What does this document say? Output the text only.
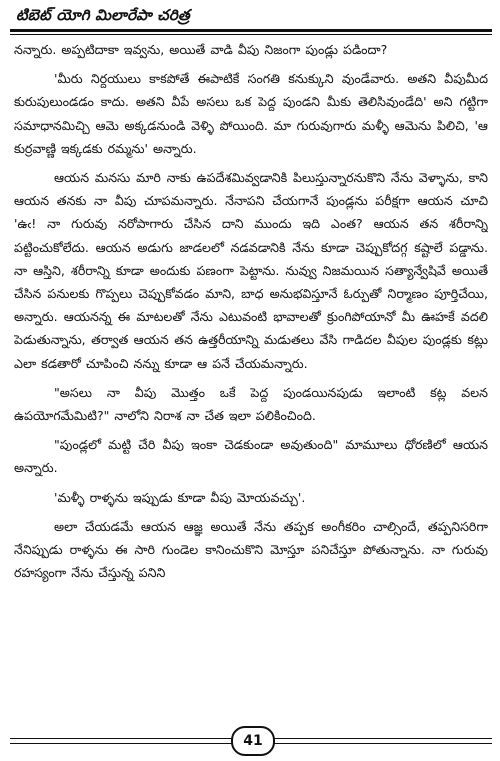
టిబెట్ యోగి మిలారేపా చరిత్ర

నన్నారు. అప్పటిదాకా ఇవ్వను, అయితే వాడి వీపు నిజంగా పుండ్లు పడిందా?

'మీరు నిర్దయులు కాకపోతే ఈపాటికే సంగతి కనుక్కుని వుండేవారు. అతని వీపుమీద కురుపులుండడం కాదు. అతని వీపే అసలు ఒక పెద్ద పుండని మీకు తెలిసివుండేది' అని గట్టిగా సమాధానమిచ్చి ఆమె అక్కడనుండి వెళ్ళి పోయింది. మా గురువుగారు మళ్ళీ ఆమెను పిలిచి, 'ఆ కుర్రవాణ్ణి ఇక్కడకు రమ్మను' అన్నారు.

ఆయన మనసు మారి నాకు ఉపదేశమివ్వడానికి పిలుస్తున్నారనుకొని నేను వెళ్ళాను, కాని ఆయన తనకు నా వీపు చూపమన్నారు. నేనాపని చేయగానే పుండ్లను పరీక్షగా ఆయన చూచి 'ఉఁ! నా గురువు నరోపాగారు చేసిన దాని ముందు ఇది ఎంత? ఆయన తన శరీరాన్ని పట్టించుకోలేదు. ఆయన అడుగు జాడలలో నడవడానికి నేను కూడా చెప్పుకోదగ్గ కష్టాలే పడ్డాను. నా ఆస్తిని, శరీరాన్ని కూడా అందుకు పణంగా పెట్టాను. నువ్వు నిజమయిన సత్యాన్వేషివే అయితే చేసిన పనులకు గొప్పలు చెప్పుకోవడం మాని, బాధ అనుభవిస్తూనే ఓర్పుతో నిర్మాణం పూర్తిచేయి, అన్నారు. ఆయనన్న ఈ మాటలతో నేను ఎటువంటి భావాలతో క్రుంగిపోయానో మీ ఊహకే వదలి పెడుతున్నాను, తర్వాత ఆయన తన ఉత్తరీయాన్ని మడుతలు వేసి గాడిదల వీపుల పుండ్లకు కట్లు ఎలా కడతారో చూపించి నన్ను కూడా ఆ పనే చేయమన్నారు.

"అసలు నా వీపు మొత్తం ఒకే పెద్ద పుండయినపుడు ఇలాంటి కట్ల వలన ఉపయోగమేమిటి?" నాలోని నిరాశ నా చేత ఇలా పలికించింది.

"పుండ్లలో మట్టి చేరి వీపు ఇంకా చెడకుండా అవుతుంది" మామూలు ధోరణిలో ఆయన అన్నారు.

'మళ్ళీ రాళ్ళను ఇప్పుడు కూడా వీపు మోయవచ్చు'.

అలా చేయడమే ఆయన ఆజ్ఞ అయితే నేను తప్పక అంగీకరిం చాల్సిందే, తప్పనిసరిగా నేనిప్పుడు రాళ్ళను ఈ సారి గుండెల కానించుకొని మోస్తూ పనిచేస్తూ పోతున్నాను. నా గురువు రహస్యంగా నేను చేస్తున్న పనిని

41
